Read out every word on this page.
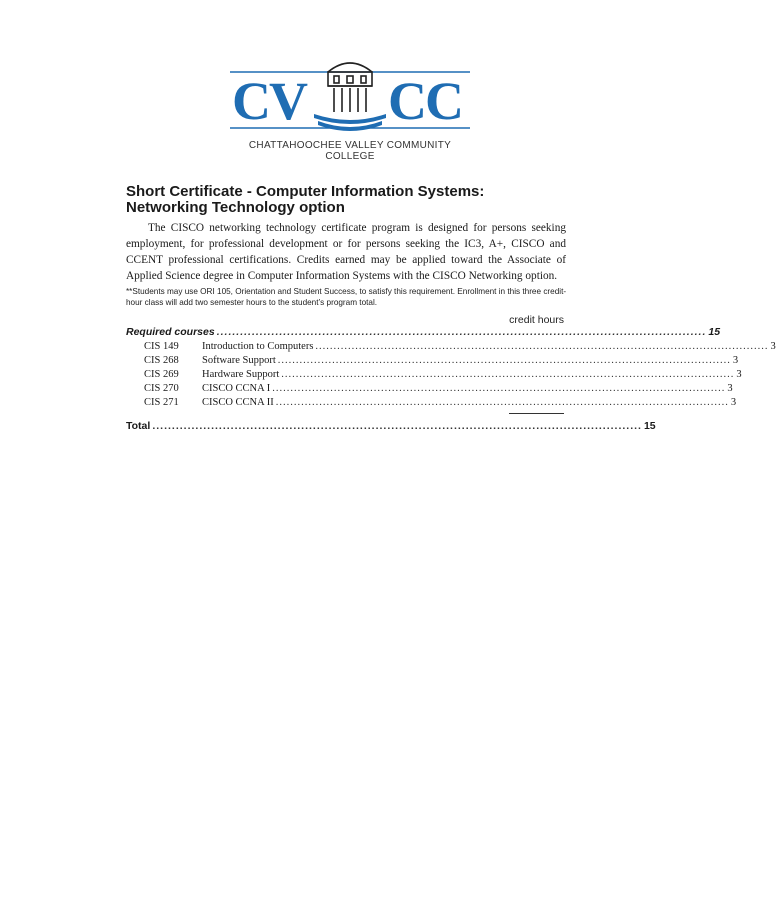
CV CC
CHATTAHOOCHEE VALLEY COMMUNITY COLLEGE
Short Certificate - Computer Information Systems:
Networking Technology option
The CISCO networking technology certificate program is designed for persons seeking employment, for professional development or for persons seeking the IC3, A+, CISCO and CCENT professional certifications. Credits earned may be applied toward the Associate of Applied Science degree in Computer Information Systems with the CISCO Networking option.
**Students may use ORI 105, Orientation and Student Success, to satisfy this requirement. Enrollment in this three credit-hour class will add two semester hours to the student’s program total.
credit hours
Required courses ............................................................................................................................. 15
CIS 149	Introduction to Computers ............................................................................................................................. 3
CIS 268	Software Support ............................................................................................................................. 3
CIS 269	Hardware Support ............................................................................................................................. 3
CIS 270	CISCO CCNA I ............................................................................................................................. 3
CIS 271	CISCO CCNA II ............................................................................................................................. 3
Total ............................................................................................................................. 15
